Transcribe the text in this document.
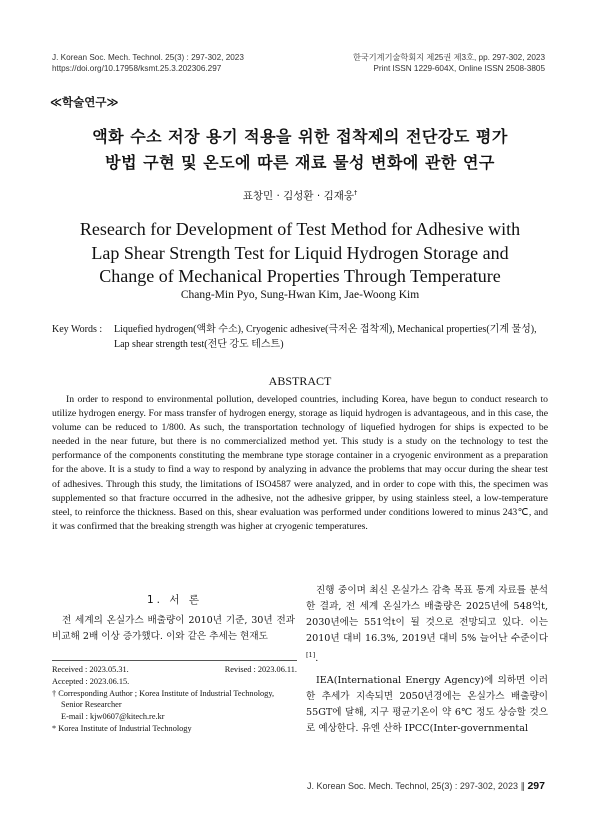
J. Korean Soc. Mech. Technol. 25(3) : 297-302, 2023
https://doi.org/10.17958/ksmt.25.3.202306.297
한국기계기술학회지 제25권 제3호, pp. 297-302, 2023
Print ISSN 1229-604X, Online ISSN 2508-3805
≪학술연구≫
액화 수소 저장 용기 적용을 위한 접착제의 전단강도 평가
방법 구현 및 온도에 따른 재료 물성 변화에 관한 연구
표창민 · 김성환 · 김재웅†
Research for Development of Test Method for Adhesive with
Lap Shear Strength Test for Liquid Hydrogen Storage and
Change of Mechanical Properties Through Temperature
Chang-Min Pyo, Sung-Hwan Kim, Jae-Woong Kim
Key Words : Liquefied hydrogen(액화 수소), Cryogenic adhesive(극저온 접착제), Mechanical properties(기계 물성), Lap shear strength test(전단 강도 테스트)
ABSTRACT
In order to respond to environmental pollution, developed countries, including Korea, have begun to conduct research to utilize hydrogen energy. For mass transfer of hydrogen energy, storage as liquid hydrogen is advantageous, and in this case, the volume can be reduced to 1/800. As such, the transportation technology of liquefied hydrogen for ships is expected to be needed in the near future, but there is no commercialized method yet. This study is a study on the technology to test the performance of the components constituting the membrane type storage container in a cryogenic environment as a preparation for the above. It is a study to find a way to respond by analyzing in advance the problems that may occur during the shear test of adhesives. Through this study, the limitations of ISO4587 were analyzed, and in order to cope with this, the specimen was supplemented so that fracture occurred in the adhesive, not the adhesive gripper, by using stainless steel, a low-temperature steel, to reinforce the thickness. Based on this, shear evaluation was performed under conditions lowered to minus 243℃, and it was confirmed that the breaking strength was higher at cryogenic temperatures.
1. 서 론
전 세계의 온실가스 배출량이 2010년 기준, 30년 전과 비교해 2배 이상 증가했다. 이와 같은 추세는 현재도

진행 중이며 최신 온실가스 감축 목표 통계 자료를 분석한 결과, 전 세계 온실가스 배출량은 2025년에 548억t, 2030년에는 551억t이 될 것으로 전망되고 있다. 이는 2010년 대비 16.3%, 2019년 대비 5% 늘어난 수준이다[1].

IEA(International Energy Agency)에 의하면 이러한 추세가 지속되면 2050년경에는 온실가스 배출량이 55GT에 달해, 지구 평균기온이 약 6℃ 정도 상승할 것으로 예상한다. 유엔 산하 IPCC(Inter-governmental

Received : 2023.05.31.	Revised : 2023.06.11.
Accepted : 2023.06.15.
† Corresponding Author ; Korea Institute of Industrial Technology,
Senior Researcher
E-mail : kjw0607@kitech.re.kr
* Korea Institute of Industrial Technology
J. Korean Soc. Mech. Technol, 25(3) : 297-302, 2023 ∥ 297
